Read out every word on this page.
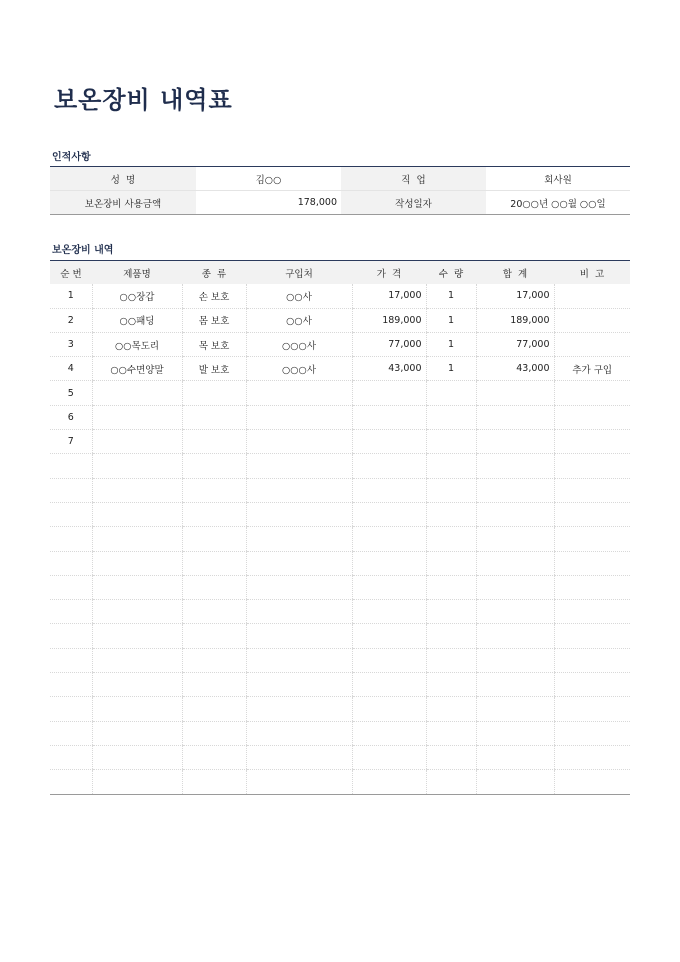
보온장비 내역표
인적사항
성  명	김○○	직  업	회사원
보온장비 사용금액	178,000	작성일자	20○○년 ○○월 ○○일
보온장비 내역
순 번	제품명	종  류	구입처	가  격	수  량	합  계	비  고
1	○○장갑	손 보호	○○사	17,000	1	17,000	
2	○○패딩	몸 보호	○○사	189,000	1	189,000	
3	○○목도리	목 보호	○○○사	77,000	1	77,000	
4	○○수면양말	발 보호	○○○사	43,000	1	43,000	추가 구입
5							
6							
7							
